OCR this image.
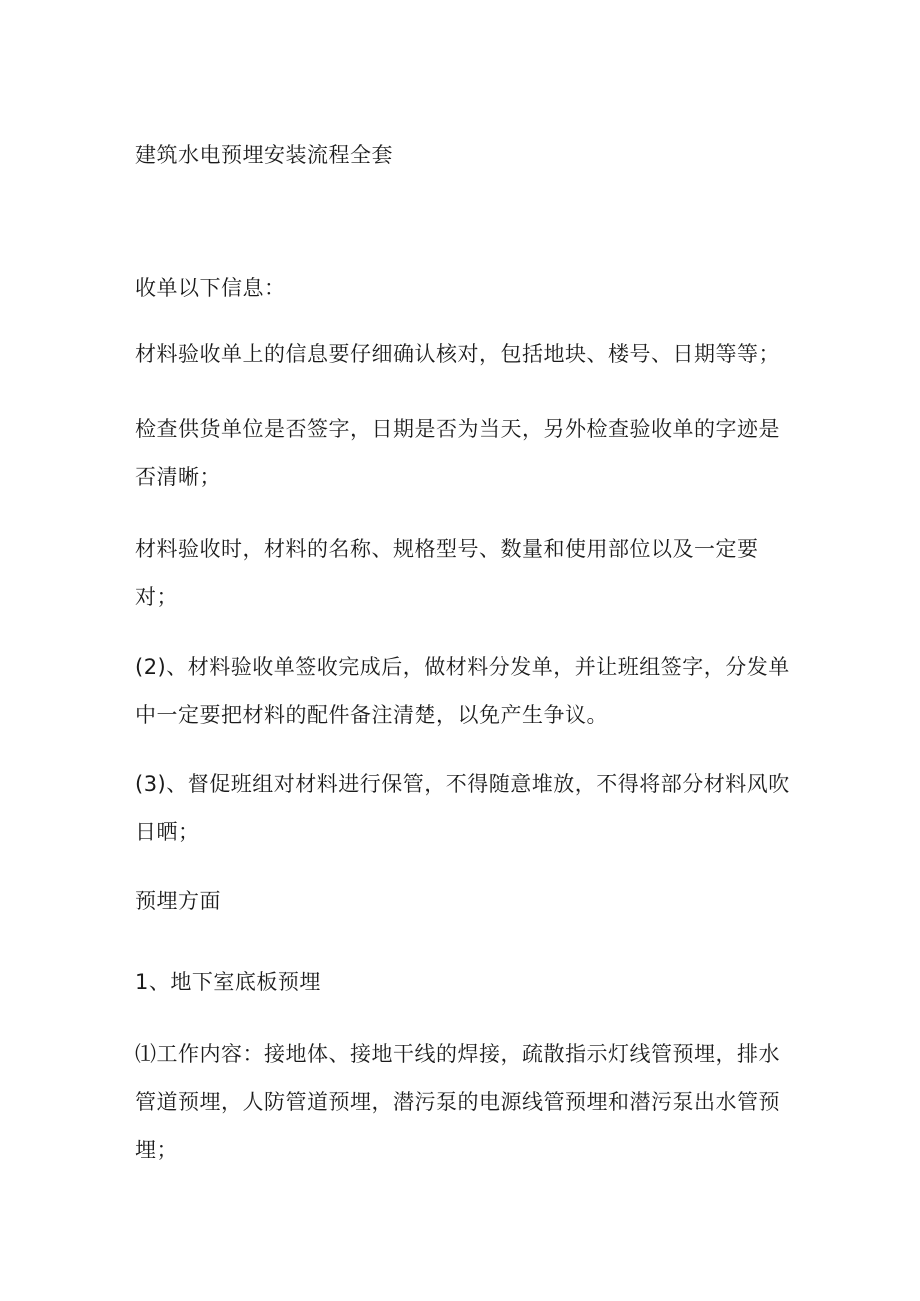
建筑水电预埋安装流程全套
收单以下信息：
材料验收单上的信息要仔细确认核对，包括地块、楼号、日期等等；
检查供货单位是否签字，日期是否为当天，另外检查验收单的字迹是否清晰；
材料验收时，材料的名称、规格型号、数量和使用部位以及一定要对；
(2)、材料验收单签收完成后，做材料分发单，并让班组签字，分发单中一定要把材料的配件备注清楚，以免产生争议。
(3)、督促班组对材料进行保管，不得随意堆放，不得将部分材料风吹日晒；
预埋方面
1、地下室底板预埋
⑴工作内容：接地体、接地干线的焊接，疏散指示灯线管预埋，排水管道预埋，人防管道预埋，潜污泵的电源线管预埋和潜污泵出水管预埋；
